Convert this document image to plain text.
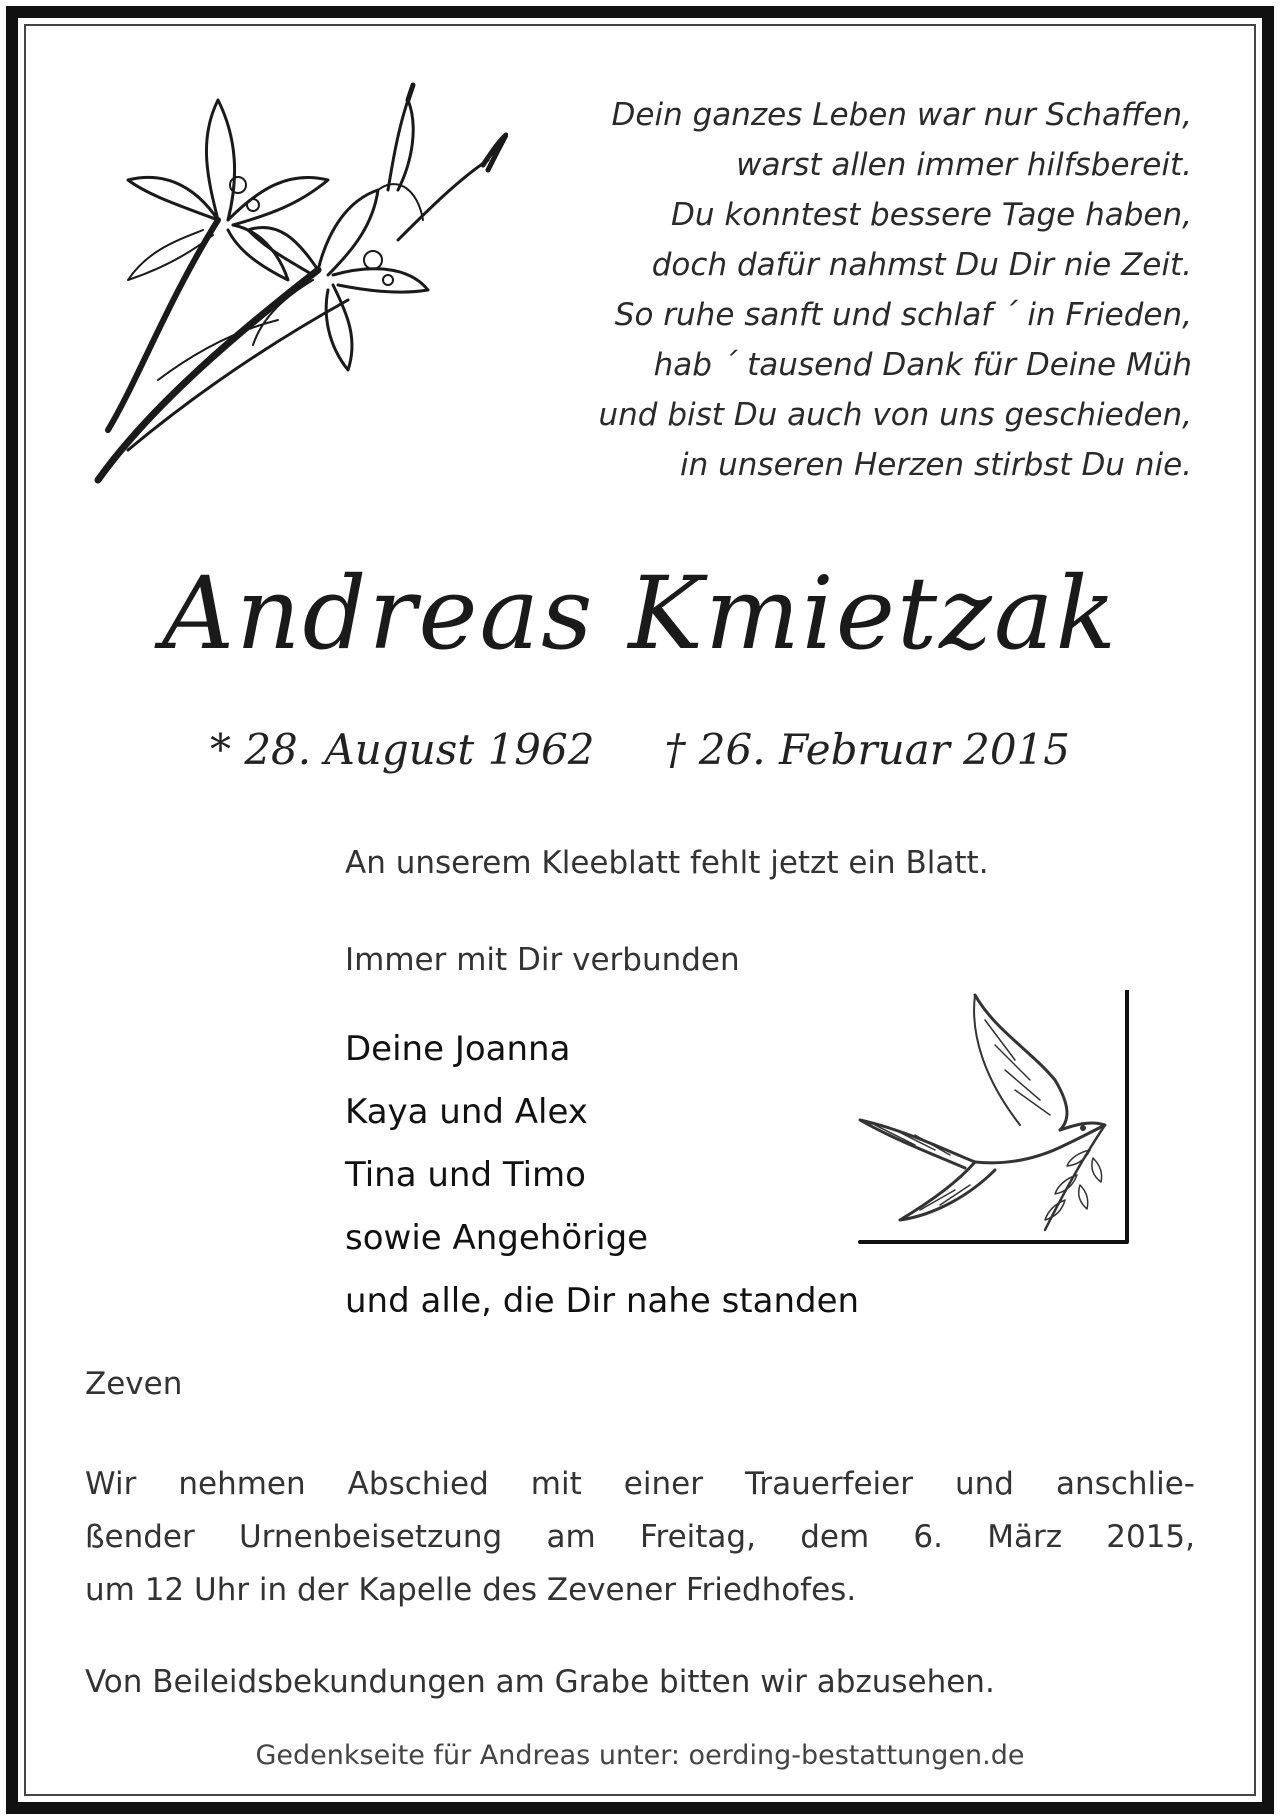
Dein ganzes Leben war nur Schaffen,
warst allen immer hilfsbereit.
Du konntest bessere Tage haben,
doch dafür nahmst Du Dir nie Zeit.
So ruhe sanft und schlaf ´ in Frieden,
hab ´ tausend Dank für Deine Müh
und bist Du auch von uns geschieden,
in unseren Herzen stirbst Du nie.
Andreas Kmietzak
* 28. August 1962 † 26. Februar 2015
An unserem Kleeblatt fehlt jetzt ein Blatt.
Immer mit Dir verbunden
Deine Joanna
Kaya und Alex
Tina und Timo
sowie Angehörige
und alle, die Dir nahe standen
Zeven
Wir nehmen Abschied mit einer Trauerfeier und anschlie-
ßender Urnenbeisetzung am Freitag, dem 6. März 2015,
um 12 Uhr in der Kapelle des Zevener Friedhofes.
Von Beileidsbekundungen am Grabe bitten wir abzusehen.
Gedenkseite für Andreas unter: oerding-bestattungen.de
